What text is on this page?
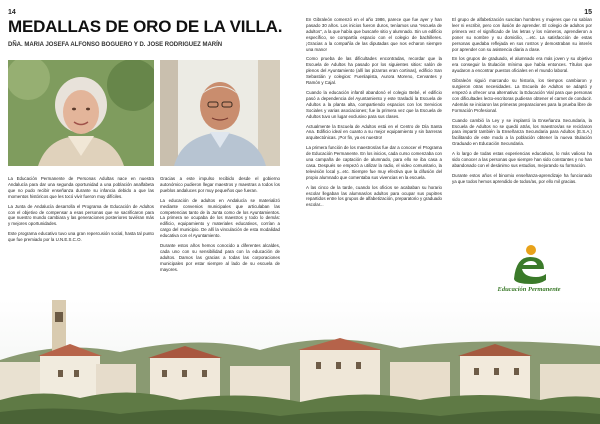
14	15
MEDALLAS DE ORO DE LA VILLA.
DÑA. MARIA JOSEFA ALFONSO BOGUERO Y D. JOSE RODRIGUEZ MARÍN

La Educación Permanente de Personas Adultas nace en nuestra Andalucía para dar una segunda oportunidad a una población analfabeta que no pudo recibir enseñanza durante su infancia debido a que las momentos históricos que les tocó vivir fueron muy difíciles.

La Junta de Andalucía desarrolla el Programa de Educación de Adultos con el objetivo de compensar a esas personas que se sacrificaron para que nuestro mundo cambiara y las generaciones posteriores tuviéran más y mejores oportunidades.

Este programa educativo tuvo una gran repercusión social, hasta tal punto que fue premiado por la U.N.E.S.C.O.

Gracias a este impulso recibido desde el gobierno autonómico pudieron llegar maestros y maestras a todos los pueblos andaluces por muy pequeños que fueran.

La educación de adultos en Andalucía se materializó mediante convenios municipales que articulaban las competencias tanto de la Junta como de los Ayuntamientos. La primera se ocupaba de los maestros y todo lo demás: edificio, equipamiento y materiales educativos, corrían a cargo del municipio. De allí la vinculación de esta modalidad educativa con el Ayuntamiento.

Durante estos años hemos conocido a diferentes alcaldes, cada uno con su sensibilidad para con la educación de adultos. Damos las gracias a todas las corporaciones municipales por estar siempre al lado de su escuela de mayores.

En Gibraleón comenzó en el año 1986, parece que fue ayer y han pasado 30 años. Los inicios fueron duros, teníamos una "escuela de adultos", a la que había que buscarle sitio y alumnado. Sin un edificio específico, se compartía espacio con el colegio de bachilleres. ¡Gracias a la compañía de las diputadas que nos echaron siempre una mano!

Como prueba de las dificultades encontradas, recordar que la Escuela de Adultos ha pasado por los siguientes sitios: salón de plenos del Ayuntamiento (allí las pizarras eran cortinas), edificio San Sebastián y colegios: Fuenlapista, Aurora Moreno, Cervantes y Ramón y Cajal.

Cuando la educación infantil abandonó el colegio Bebé, el edificio pasó a dependencia del Ayuntamiento y este trasladó la Escuela de Adultos a la planta alta, compartiendo espacios con los Servicios Sociales y varias asociaciones; fue la primera vez que la Escuela de Adultos tuvo un lugar exclusivo para sus clases.

Actualmente la Escuela de Adultos está en el Centro de Día Santa Ana. Edificio ideal en cuanto a su mejor equipamiento y sin barreras arquitectónicas. ¡Por fin, ya es nuestro!

La primera función de los maestros/as fue dar a conocer el Programa de Educación Permanente. En los inicios, cada curso comenzaba con una campaña de captación de alumnado, para ello se iba casa a casa. Después se empezó a utilizar la radio, el video comunitario, la televisión local y...etc. Siempre fue muy efectiva que la difusión del propio alumnado que comentaba sus vivencias en la escuela.

A las cinco de la tarde, cuando los oficios se acababan su horario escolar llegaban las alumnas/os adultos para ocupar sus pupitres repartidos entre los grupos de alfabetización, preparatorio y graduado escolar...

El grupo de alfabetización suscitan hombres y mujeres que no sabían leer ni escribir, pero con ilusión de aprender. El colegio de adultos por primera vez el significado de las letras y los números, aprendieron a poner su nombre y su domicilio, ...etc. La satisfacción de estas personas quedaba reflejada en sus rostros y demostraban su interés por aprender con su asistencia diaria a clase.

En los grupos de graduado, el alumnado era más joven y su objetivo era conseguir la titulación mínima que había entonces. Títulos que ayudaron a encontrar puestos oficiales en el mundo laboral.

Gibraleón siguió marcando su historia, los tiempos cambiaron y surgieron otras necesidades. La Escuela de Adultos se adaptó y empezó a ofrecer una alternativa: la Educación Vial para que personas con dificultades lecto-escritoras pudieran obtener el carnet de conducir. Además se iniciaron las primeras preparaciones para la prueba libre de Formación Profesional.

Cuando cambió la Ley y se implantó la Enseñanza Secundaria, la Escuela de Adultos no se quedó atrás, los maestros/as se reciclaron para impartir también la Enseñanza Secundaria para Adultos (E.S.A.) facilitando de este modo a la población obtener la nueva titulación Graduado en Educación Secundaria.

A lo largo de todas estas experiencias educativas, lo más valioso ha sido conocer a las personas que siempre han sido constantes y no han abandonado con el desánimo sus estudios, mejorando su formación.

Durante estos años el binomio enseñanza-aprendizaje ha funcionado ya que todos hemos aprendido de todos/as, por ello mil gracias.

Educación Permanente
